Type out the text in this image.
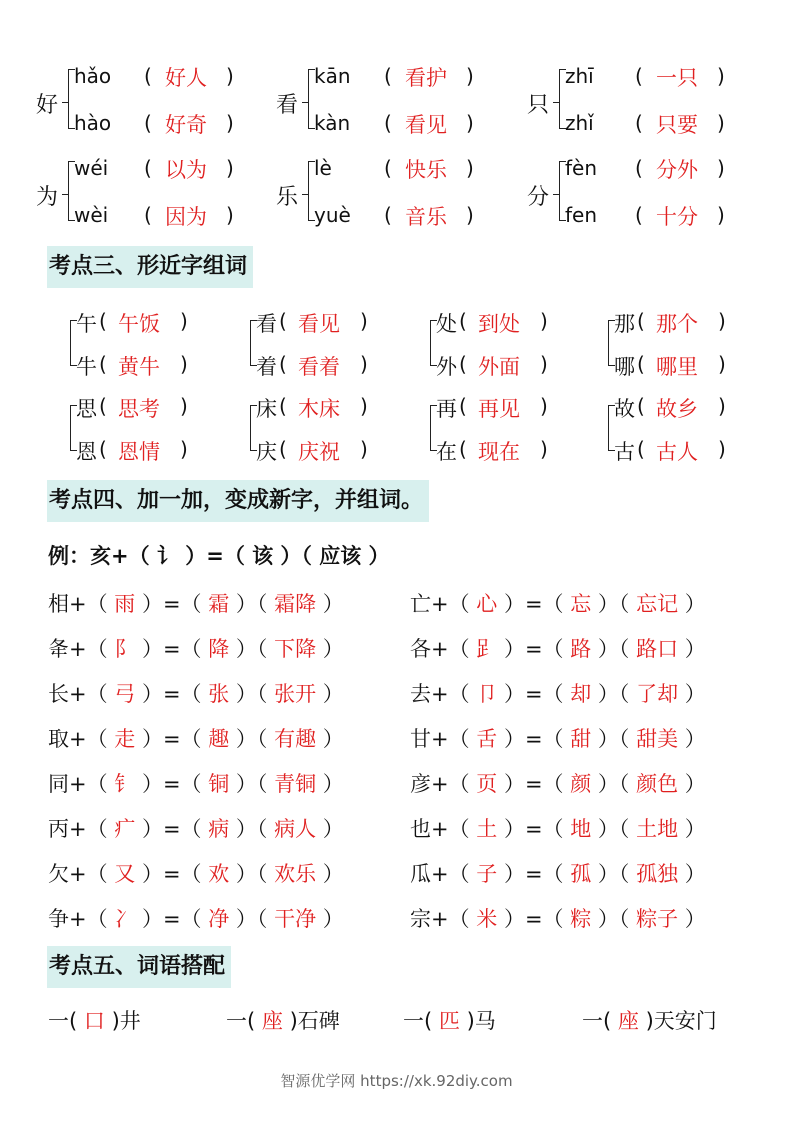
好
hǎo ( 好人 )
hào ( 好奇 )
看
kān ( 看护 )
kàn ( 看见 )
只
zhī ( 一只 )
zhǐ ( 只要 )
为
wéi ( 以为 )
wèi ( 因为 )
乐
lè	( 快乐 )
yuè ( 音乐 )
分
fèn ( 分外 )
fen ( 十分 )
考点三、形近字组词
午 ( 午饭 )
牛 ( 黄牛 )
看 ( 看见 )
着 ( 看着 )
处 ( 到处 )
外 ( 外面 )
那 ( 那个 )
哪 ( 哪里 )
思 ( 思考 )
恩 ( 恩情 )
床 ( 木床 )
庆 ( 庆祝 )
再 ( 再见 )
在 ( 现在 )
故 ( 故乡 )
古 ( 古人 )
考点四、加一加，变成新字，并组词。
例：亥+（ 讠 ）=（ 该 ）（ 应该 ）
相+（ 雨 ）=（ 霜 ）（ 霜降 ）	亡+（ 心 ）=（ 忘 ）（ 忘记 ）
夅+（ 阝 ）=（ 降 ）（ 下降 ）	各+（ 𧾷 ）=（ 路 ）（ 路口 ）
长+（ 弓 ）=（ 张 ）（ 张开 ）	去+（ 卩 ）=（ 却 ）（ 了却 ）
取+（ 走 ）=（ 趣 ）（ 有趣 ）	甘+（ 舌 ）=（ 甜 ）（ 甜美 ）
同+（ 钅 ）=（ 铜 ）（ 青铜 ）	彦+（ 页 ）=（ 颜 ）（ 颜色 ）
丙+（ 疒 ）=（ 病 ）（ 病人 ）	也+（ 土 ）=（ 地 ）（ 土地 ）
欠+（ 又 ）=（ 欢 ）（ 欢乐 ）	瓜+（ 子 ）=（ 孤 ）（ 孤独 ）
争+（ 冫 ）=（ 净 ）（ 干净 ）	宗+（ 米 ）=（ 粽 ）（ 粽子 ）
考点五、词语搭配
一( 口 )井	一( 座 )石碑	一( 匹 )马	一( 座 )天安门
智源优学网 https://xk.92diy.com
